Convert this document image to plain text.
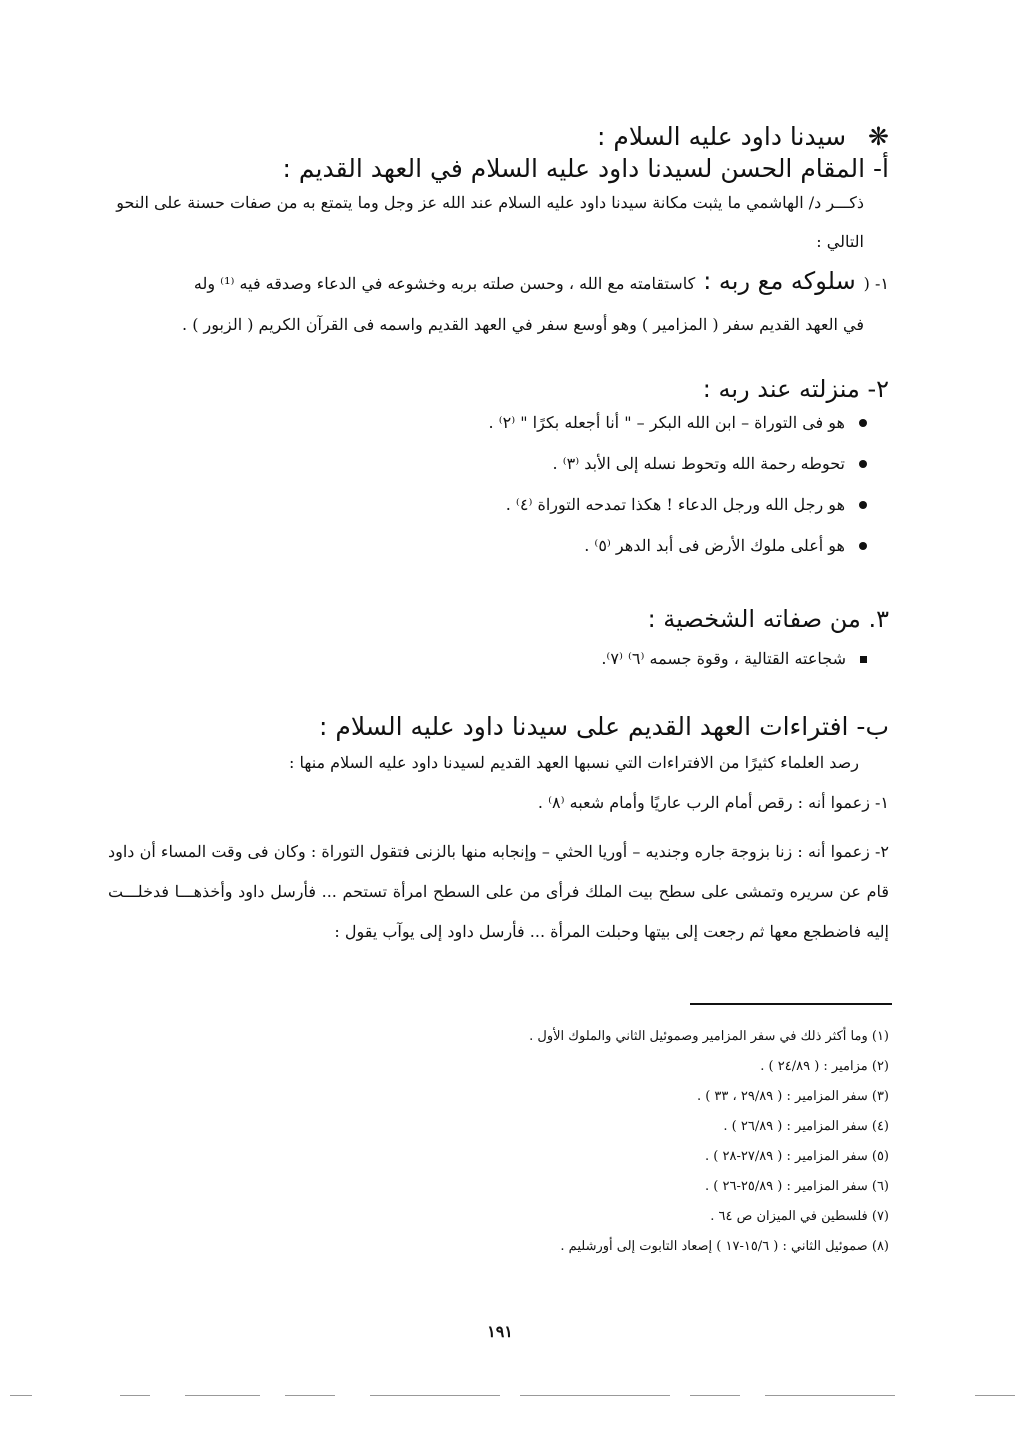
❋ سيدنا داود عليه السلام :
أ- المقام الحسن لسيدنا داود عليه السلام في العهد القديم :
ذكـــر د/ الهاشمي ما يثبت مكانة سيدنا داود عليه السلام عند الله عز وجل وما يتمتع به من صفات حسنة على النحو
التالي :
١- (
سلوكه مع ربه :
كاستقامته مع الله ، وحسن صلته بربه وخشوعه في الدعاء وصدقه فيه ⁽¹⁾ وله
في العهد القديم سفر ( المزامير ) وهو أوسع سفر في العهد القديم واسمه فى القرآن الكريم ( الزبور ) .
٢- منزلته عند ربه :
هو فى التوراة – ابن الله البكر – " أنا أجعله بكرًا " ⁽٢⁾ .
تحوطه رحمة الله وتحوط نسله إلى الأبد ⁽٣⁾ .
هو رجل الله ورجل الدعاء ! هكذا تمدحه التوراة ⁽٤⁾ .
هو أعلى ملوك الأرض فى أبد الدهر ⁽٥⁾ .
٣. من صفاته الشخصية :
شجاعته القتالية ، وقوة جسمه ⁽٦⁾ ⁽٧⁾.
ب- افتراءات العهد القديم على سيدنا داود عليه السلام :
رصد العلماء كثيرًا من الافتراءات التي نسبها العهد القديم لسيدنا داود عليه السلام منها :
١- زعموا أنه : رقص أمام الرب عاريًا وأمام شعبه ⁽٨⁾ .
٢- زعموا أنه : زنا بزوجة جاره وجنديه – أوريا الحثي – وإنجابه منها بالزنى فتقول التوراة : وكان فى وقت المساء أن داود قام عن سريره وتمشى على سطح بيت الملك فرأى من على السطح امرأة تستحم ... فأرسل داود وأخذهـــا فدخلـــت إليه فاضطجع معها ثم رجعت إلى بيتها وحبلت المرأة ... فأرسل داود إلى يوآب يقول :
(١) وما أكثر ذلك في سفر المزامير وصموئيل الثاني والملوك الأول .
(٢) مزامير : ( ٢٤/٨٩ ) .
(٣) سفر المزامير : ( ٢٩/٨٩ ، ٣٣ ) .
(٤) سفر المزامير : ( ٢٦/٨٩ ) .
(٥) سفر المزامير : ( ٢٧/٨٩-٢٨ ) .
(٦) سفر المزامير : ( ٢٥/٨٩-٢٦ ) .
(٧) فلسطين في الميزان ص ٦٤ .
(٨) صموئيل الثاني : ( ١٥/٦-١٧ ) إصعاد التابوت إلى أورشليم .
١٩١
